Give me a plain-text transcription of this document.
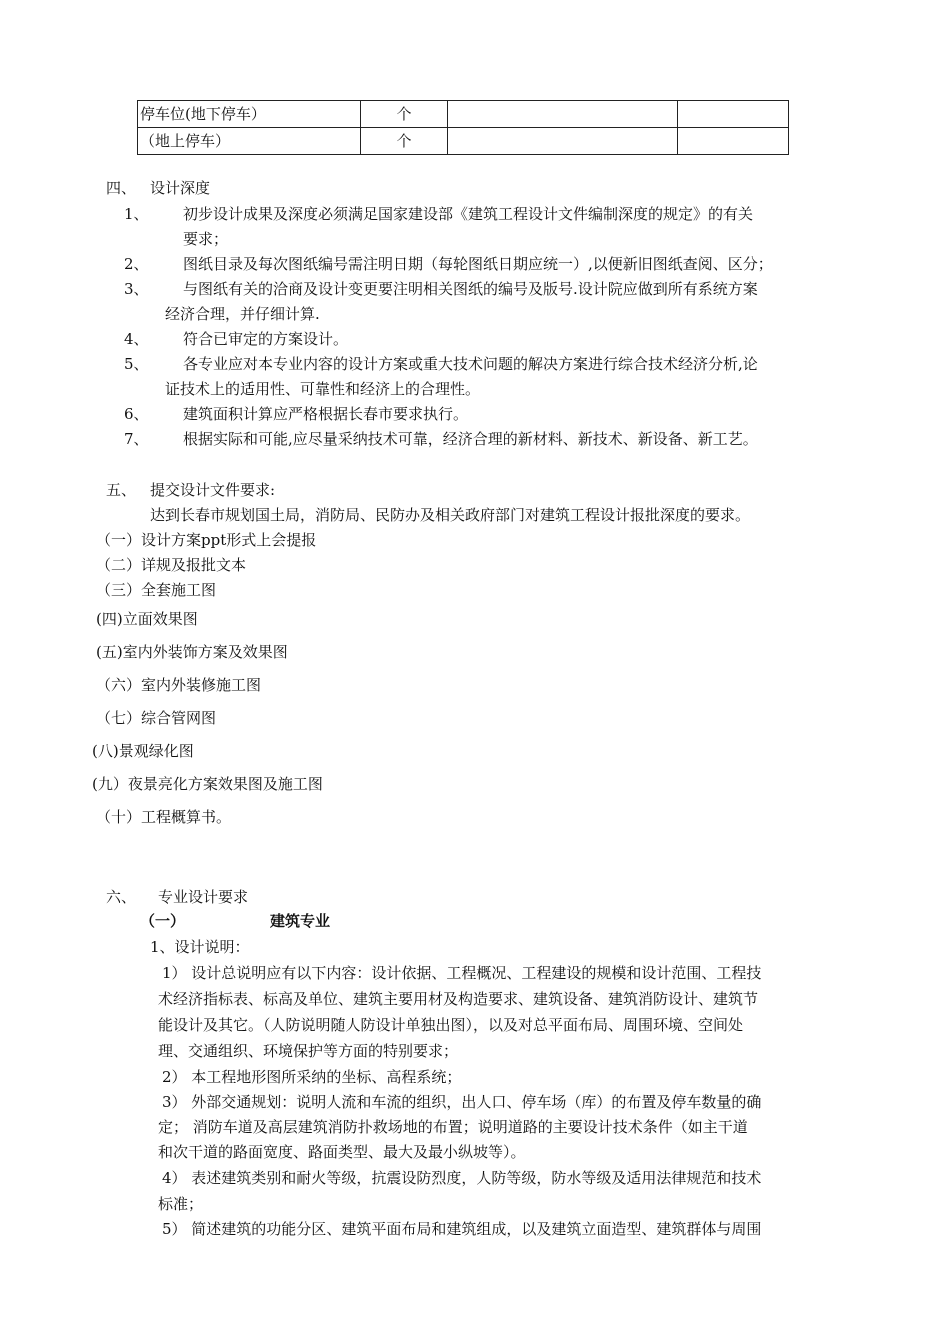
停车位(地下停车）	个		
（地上停车）	个		
四、 设计深度
1、 初步设计成果及深度必须满足国家建设部《建筑工程设计文件编制深度的规定》的有关
要求；
2、 图纸目录及每次图纸编号需注明日期（每轮图纸日期应统一）,以便新旧图纸查阅、区分；
3、 与图纸有关的洽商及设计变更要注明相关图纸的编号及版号.设计院应做到所有系统方案
经济合理，并仔细计算.
4、 符合已审定的方案设计。
5、 各专业应对本专业内容的设计方案或重大技术问题的解决方案进行综合技术经济分析,论
证技术上的适用性、可靠性和经济上的合理性。
6、 建筑面积计算应严格根据长春市要求执行。
7、 根据实际和可能,应尽量采纳技术可靠，经济合理的新材料、新技术、新设备、新工艺。
五、 提交设计文件要求:
达到长春市规划国土局，消防局、民防办及相关政府部门对建筑工程设计报批深度的要求。
（一）设计方案ppt形式上会提报
（二）详规及报批文本
（三）全套施工图
(四)立面效果图
(五)室内外装饰方案及效果图
（六）室内外装修施工图
（七）综合管网图
(八)景观绿化图
(九）夜景亮化方案效果图及施工图
（十）工程概算书。
六、 专业设计要求
（一）	建筑专业
1、设计说明：
1） 设计总说明应有以下内容：设计依据、工程概况、工程建设的规模和设计范围、工程技
术经济指标表、标高及单位、建筑主要用材及构造要求、建筑设备、建筑消防设计、建筑节
能设计及其它。（人防说明随人防设计单独出图），以及对总平面布局、周围环境、空间处
理、交通组织、环境保护等方面的特别要求；
2） 本工程地形图所采纳的坐标、高程系统；
3） 外部交通规划：说明人流和车流的组织，出人口、停车场（库）的布置及停车数量的确
定； 消防车道及高层建筑消防扑救场地的布置；说明道路的主要设计技术条件（如主干道
和次干道的路面宽度、路面类型、最大及最小纵坡等）。
4） 表述建筑类别和耐火等级，抗震设防烈度，人防等级，防水等级及适用法律规范和技术
标准；
5） 简述建筑的功能分区、建筑平面布局和建筑组成，以及建筑立面造型、建筑群体与周围
